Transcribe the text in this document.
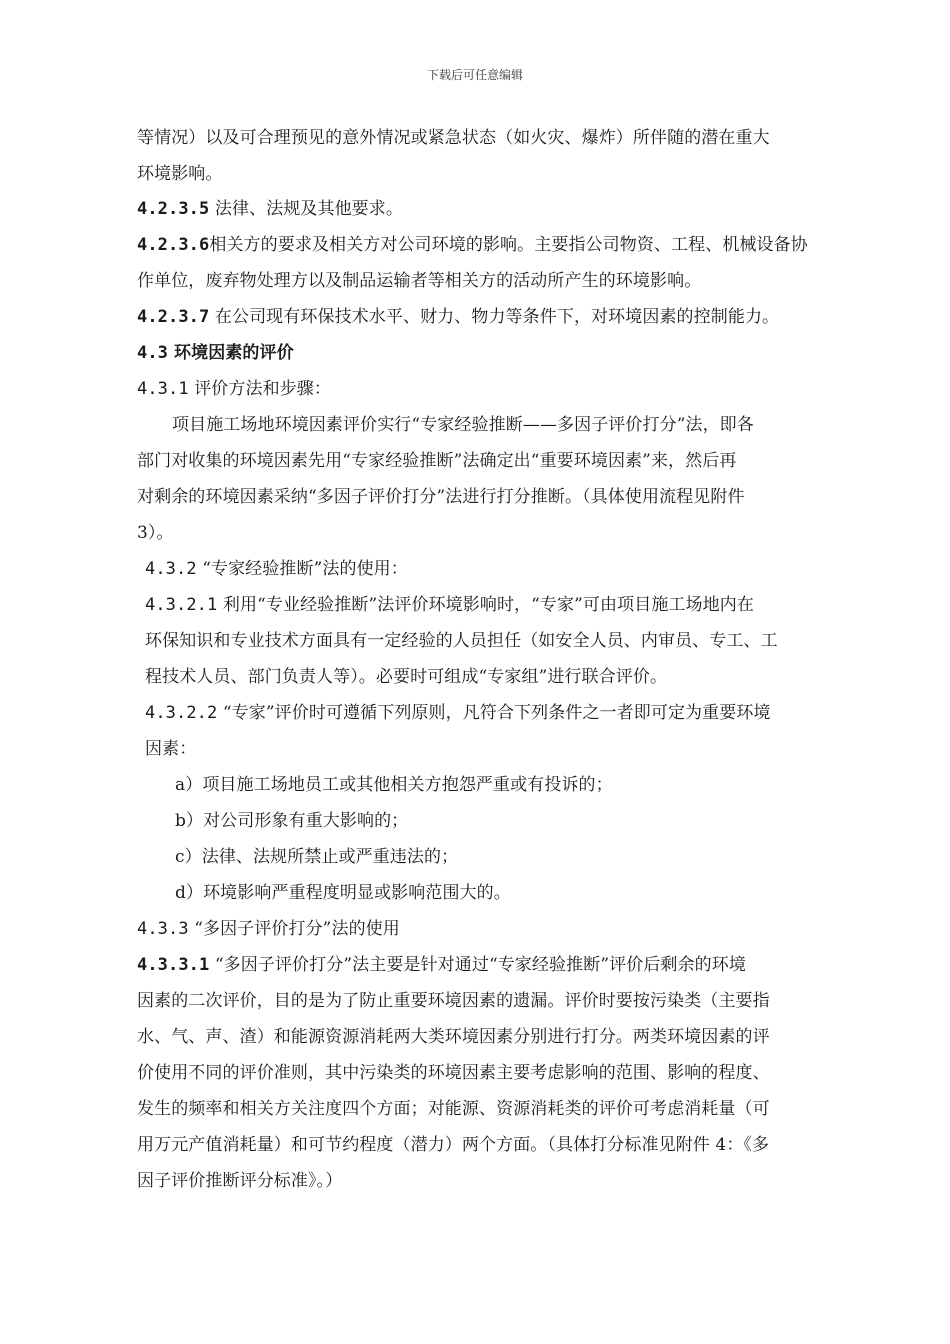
下载后可任意编辑
等情况）以及可合理预见的意外情况或紧急状态（如火灾、爆炸）所伴随的潜在重大
环境影响。
4.2.3.5 法律、法规及其他要求。
4.2.3.6相关方的要求及相关方对公司环境的影响。主要指公司物资、工程、机械设备协
作单位，废弃物处理方以及制品运输者等相关方的活动所产生的环境影响。
4.2.3.7 在公司现有环保技术水平、财力、物力等条件下，对环境因素的控制能力。
4.3 环境因素的评价
4.3.1 评价方法和步骤：
项目施工场地环境因素评价实行“专家经验推断——多因子评价打分”法，即各
部门对收集的环境因素先用“专家经验推断”法确定出“重要环境因素”来，然后再
对剩余的环境因素采纳“多因子评价打分”法进行打分推断。（具体使用流程见附件
3）。
4.3.2 “专家经验推断”法的使用：
4.3.2.1 利用“专业经验推断”法评价环境影响时，“专家”可由项目施工场地内在
环保知识和专业技术方面具有一定经验的人员担任（如安全人员、内审员、专工、工
程技术人员、部门负责人等）。必要时可组成“专家组”进行联合评价。
4.3.2.2 “专家”评价时可遵循下列原则，凡符合下列条件之一者即可定为重要环境
因素：
a）项目施工场地员工或其他相关方抱怨严重或有投诉的；
b）对公司形象有重大影响的；
c）法律、法规所禁止或严重违法的；
d）环境影响严重程度明显或影响范围大的。
4.3.3 “多因子评价打分”法的使用
4.3.3.1 “多因子评价打分”法主要是针对通过“专家经验推断”评价后剩余的环境
因素的二次评价，目的是为了防止重要环境因素的遗漏。评价时要按污染类（主要指
水、气、声、渣）和能源资源消耗两大类环境因素分别进行打分。两类环境因素的评
价使用不同的评价准则，其中污染类的环境因素主要考虑影响的范围、影响的程度、
发生的频率和相关方关注度四个方面；对能源、资源消耗类的评价可考虑消耗量（可
用万元产值消耗量）和可节约程度（潜力）两个方面。（具体打分标准见附件 4：《多
因子评价推断评分标准》。）
